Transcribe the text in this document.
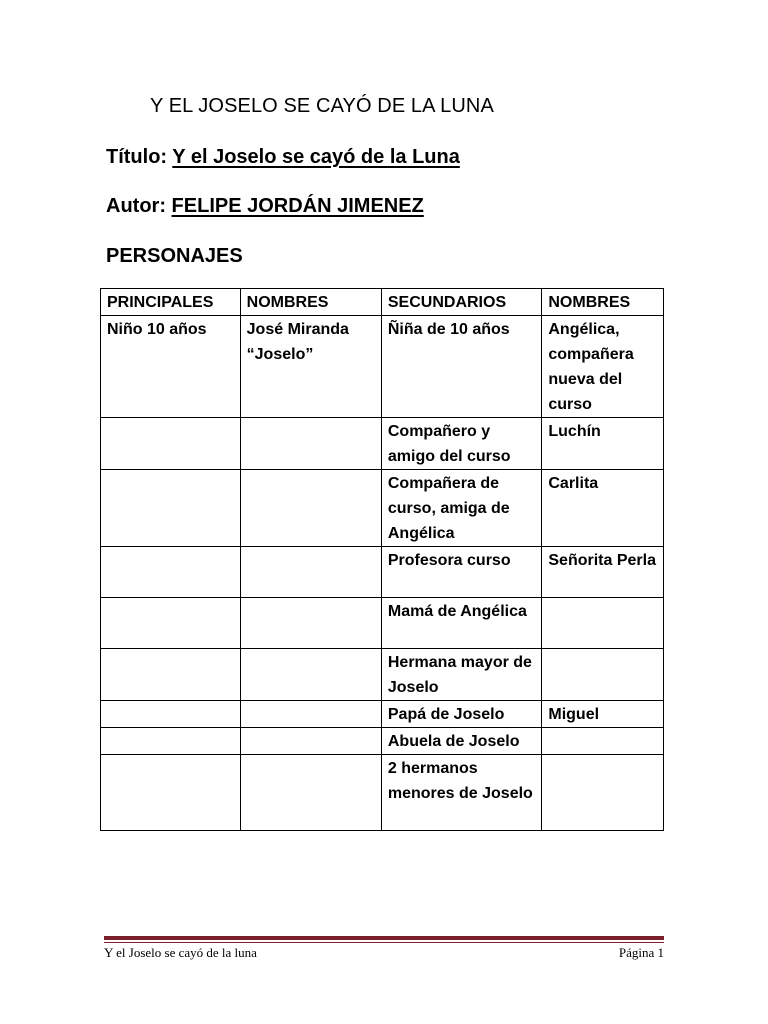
Y EL JOSELO SE CAYÓ DE LA LUNA
Título: Y el Joselo se cayó de la Luna
Autor: FELIPE JORDÁN JIMENEZ
PERSONAJES
PRINCIPALES	NOMBRES	SECUNDARIOS	NOMBRES
Niño 10 años	José Miranda “Joselo”	Ñiña de 10 años	Angélica, compañera nueva del curso
		Compañero y amigo del curso	Luchín
		Compañera de curso, amiga de Angélica	Carlita
		Profesora curso	Señorita Perla
		Mamá de Angélica	
		Hermana mayor de Joselo	
		Papá de Joselo	Miguel
		Abuela de Joselo	
		2 hermanos menores de Joselo	
Y el Joselo se cayó de la luna	Página 1
